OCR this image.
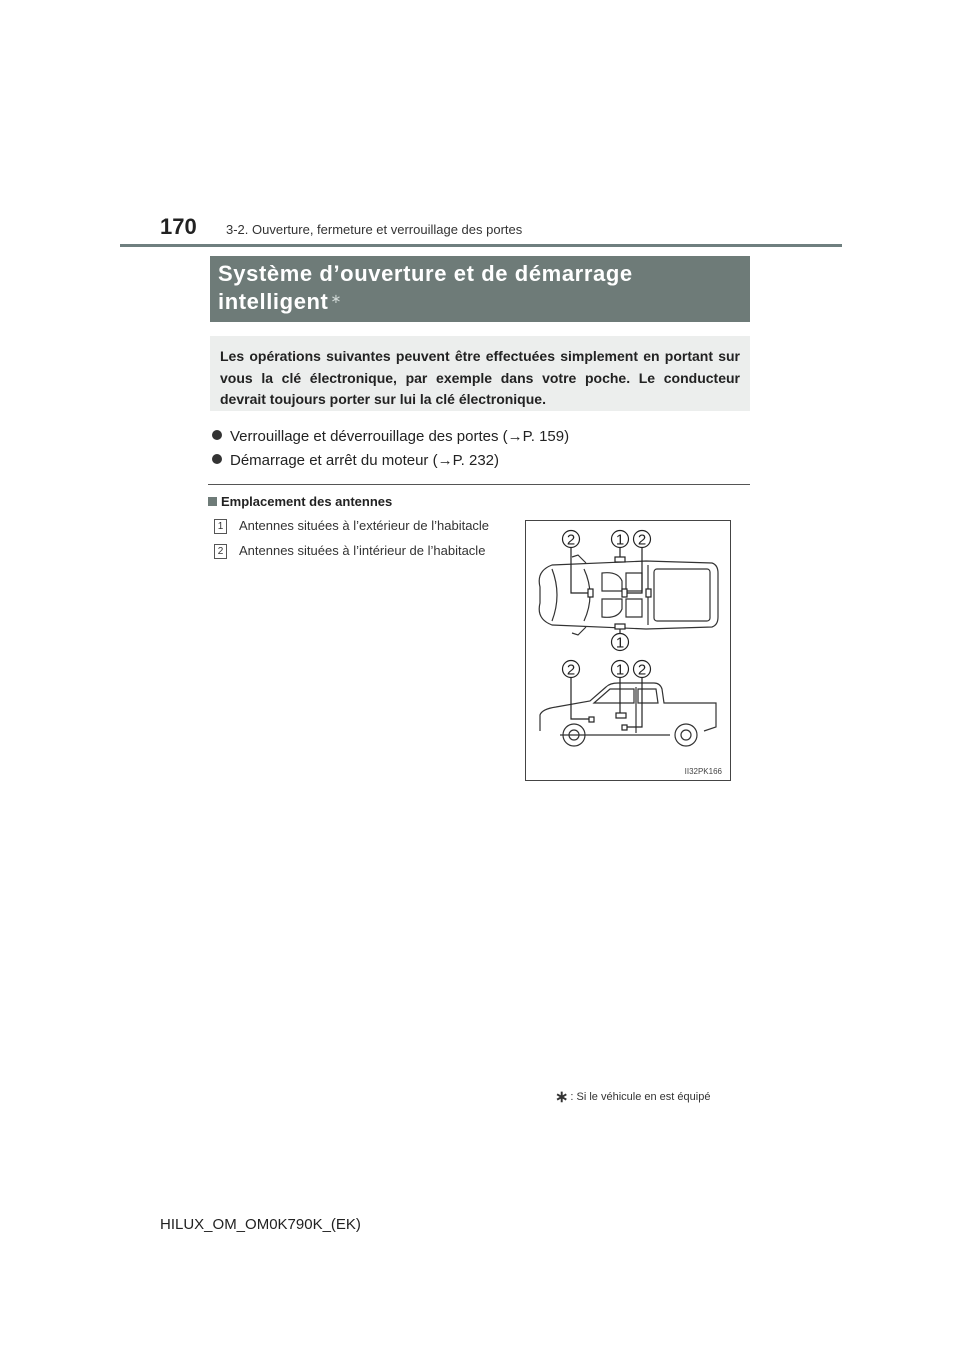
170 3-2. Ouverture, fermeture et verrouillage des portes
Système d’ouverture et de démarrage intelligent ∗
Les opérations suivantes peuvent être effectuées simplement en portant sur vous la clé électronique, par exemple dans votre poche. Le conducteur devrait toujours porter sur lui la clé électronique.
Verrouillage et déverrouillage des portes (→P. 159)
Démarrage et arrêt du moteur (→P. 232)
Emplacement des antennes
1 Antennes situées à l’extérieur de l’habitacle
2 Antennes situées à l’intérieur de l’habitacle
2	1 2
1
2	1 2
II32PK166
∗ : Si le véhicule en est équipé
HILUX_OM_OM0K790K_(EK)
